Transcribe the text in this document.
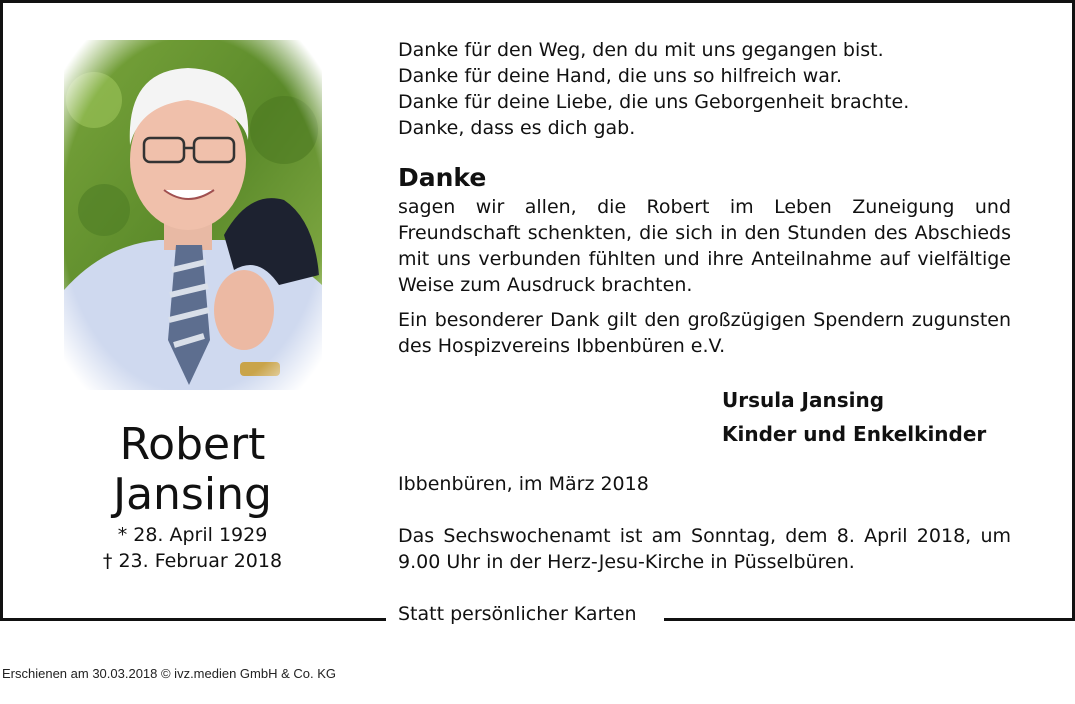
Robert
Jansing
* 28. April 1929
† 23. Februar 2018
Danke für den Weg, den du mit uns gegangen bist.
Danke für deine Hand, die uns so hilfreich war.
Danke für deine Liebe, die uns Geborgenheit brachte.
Danke, dass es dich gab.
Danke
sagen wir allen, die Robert im Leben Zuneigung und Freundschaft schenkten, die sich in den Stunden des Abschieds mit uns verbunden fühlten und ihre Anteilnahme auf vielfältige Weise zum Ausdruck brachten.
Ein besonderer Dank gilt den großzügigen Spendern zugunsten des Hospizvereins Ibbenbüren e.V.
Ursula Jansing
Kinder und Enkelkinder
Ibbenbüren, im März 2018
Das Sechswochenamt ist am Sonntag, dem 8. April 2018, um 9.00 Uhr in der Herz-Jesu-Kirche in Püsselbüren.
Statt persönlicher Karten
Erschienen am 30.03.2018 © ivz.medien GmbH & Co. KG
